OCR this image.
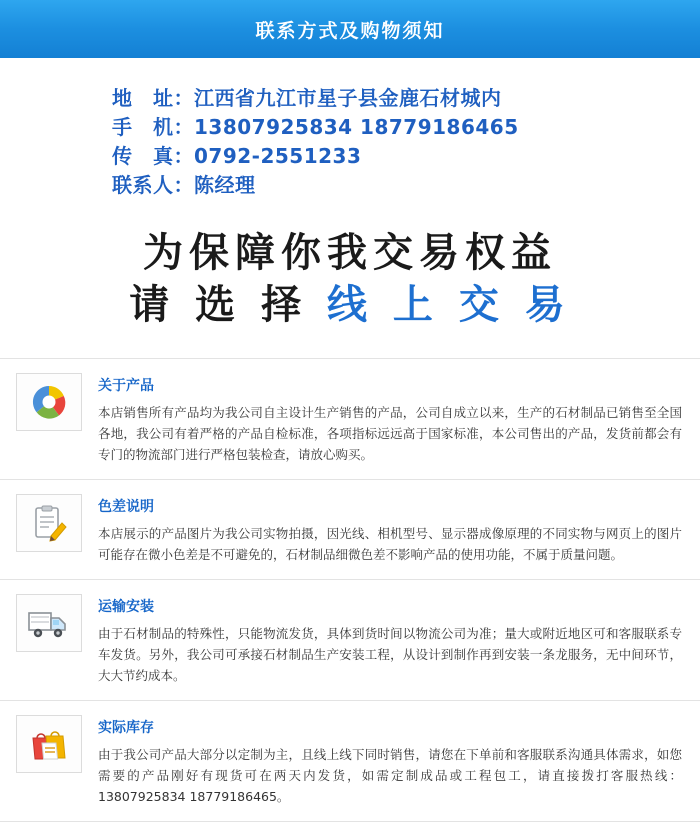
联系方式及购物须知
地　址：江西省九江市星子县金鹿石材城内
手　机：13807925834 18779186465
传　真：0792-2551233
联系人：陈经理
为保障你我交易权益
请 选 择 线 上 交 易
关于产品
本店销售所有产品均为我公司自主设计生产销售的产品，公司自成立以来，生产的石材制品已销售至全国各地，我公司有着严格的产品自检标准，各项指标远远高于国家标准，本公司售出的产品，发货前都会有专门的物流部门进行严格包装检查，请放心购买。
色差说明
本店展示的产品图片为我公司实物拍摄，因光线、相机型号、显示器成像原理的不同实物与网页上的图片可能存在微小色差是不可避免的，石材制品细微色差不影响产品的使用功能，不属于质量问题。
运输安装
由于石材制品的特殊性，只能物流发货，具体到货时间以物流公司为准；量大或附近地区可和客服联系专车发货。另外，我公司可承接石材制品生产安装工程，从设计到制作再到安装一条龙服务，无中间环节，大大节约成本。
实际库存
由于我公司产品大部分以定制为主，且线上线下同时销售，请您在下单前和客服联系沟通具体需求，如您需要的产品刚好有现货可在两天内发货，如需定制成品或工程包工，请直接拨打客服热线：13807925834 18779186465。
